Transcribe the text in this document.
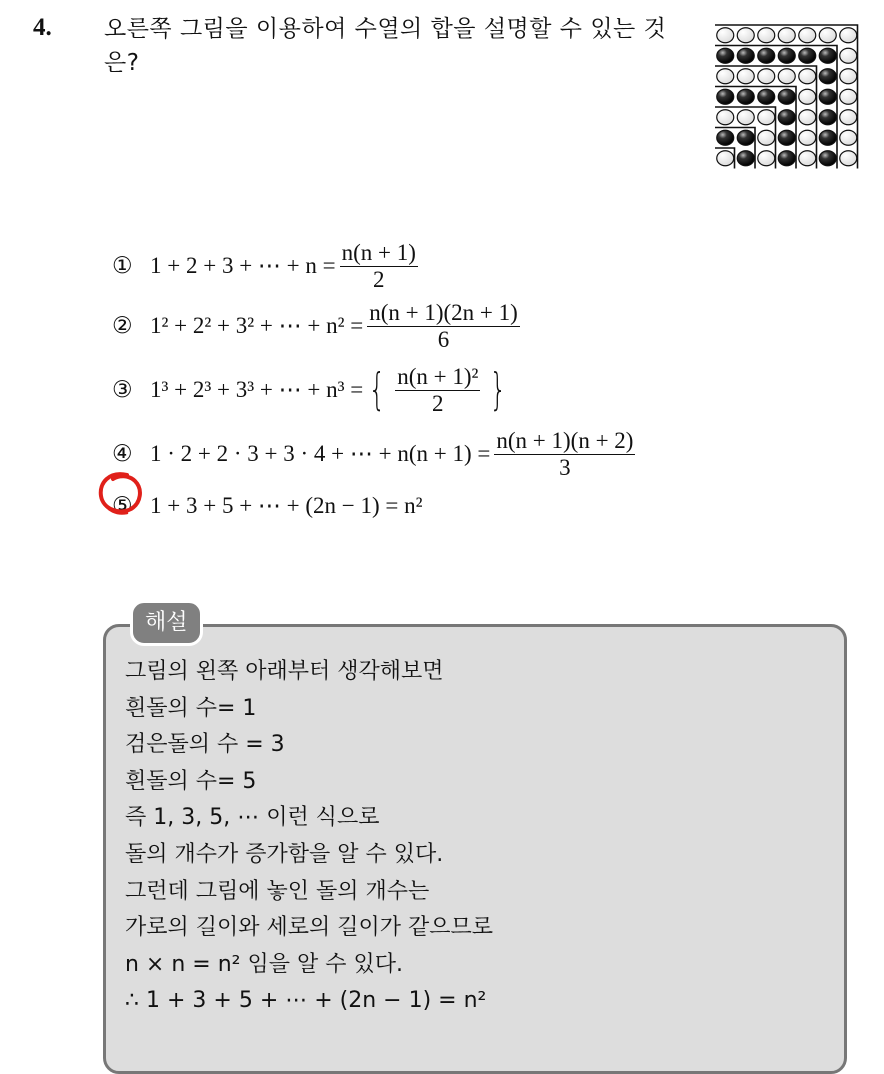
4. 오른쪽 그림을 이용하여 수열의 합을 설명할 수 있는 것은?
① 1 + 2 + 3 + ⋯ + $n = \frac{n(n + 1)}{2}$
② 1² + 2² + 3² + ⋯ + $n^2 = \frac{n(n + 1)(2n + 1)}{6}$
③ 1³ + 2³ + 3³ + ⋯ + n³ = { $\frac{\text{n(n + 1)²}}{2}$ }
④ 1 · 2 + 2 · 3 + 3 · 4 + ⋯ + $n(n + 1) = \frac{n(n + 1)(n + 2)}{3}$
⑤ 1 + 3 + 5 + ⋯ + (2n − 1) = n²
해설
그림의 왼쪽 아래부터 생각해보면
흰돌의 수= 1
검은돌의 수 = 3
흰돌의 수= 5
즉 1, 3, 5, ⋯ 이런 식으로
돌의 개수가 증가함을 알 수 있다.
그런데 그림에 놓인 돌의 개수는
가로의 길이와 세로의 길이가 같으므로
n × n = n² 임을 알 수 있다.
∴ 1 + 3 + 5 + ⋯ + (2n − 1) = n²
